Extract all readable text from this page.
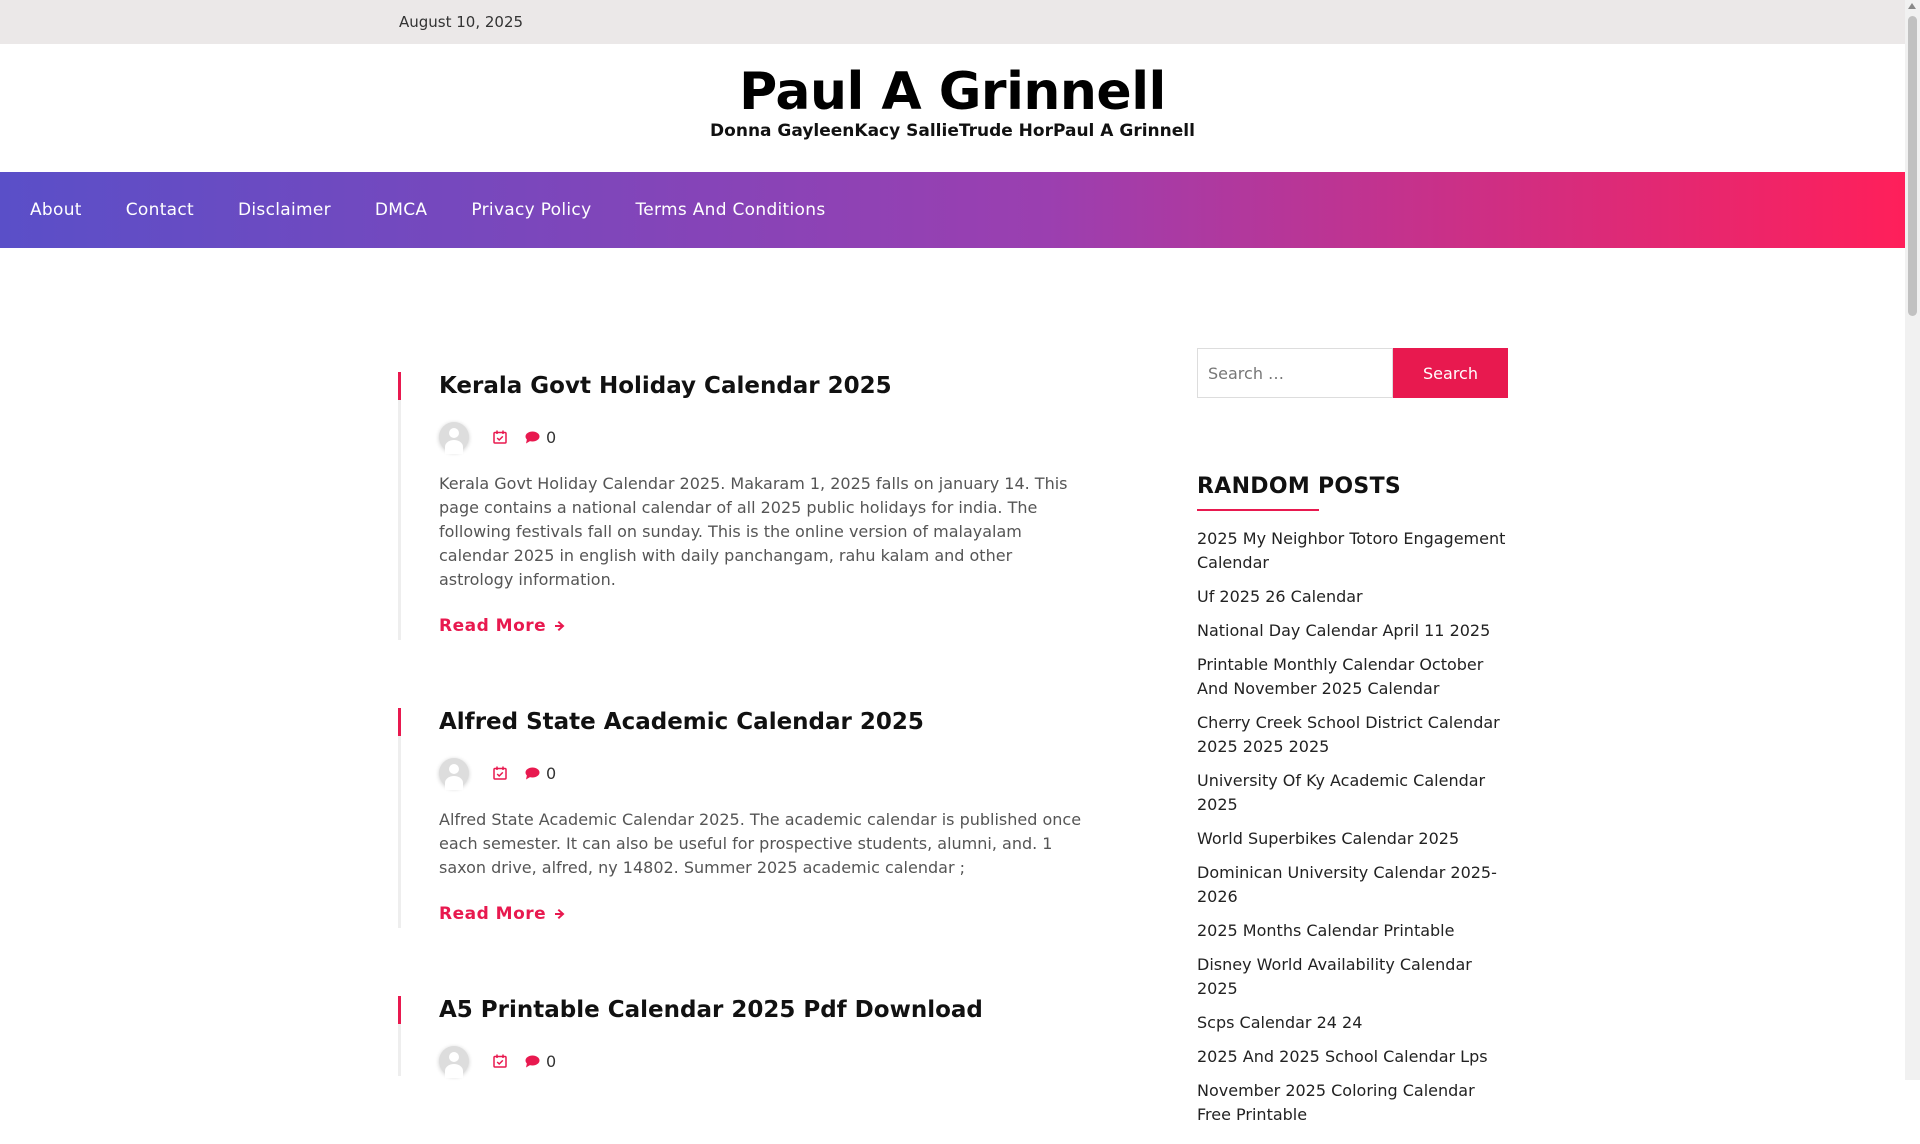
August 10, 2025
Paul A Grinnell
Donna GayleenKacy SallieTrude HorPaul A Grinnell
About	Contact	Disclaimer	DMCA	Privacy Policy	Terms And Conditions
Kerala Govt Holiday Calendar 2025
0

Kerala Govt Holiday Calendar 2025. Makaram 1, 2025 falls on january 14. This page contains a national calendar of all 2025 public holidays for india. The following festivals fall on sunday. This is the online version of malayalam calendar 2025 in english with daily panchangam, rahu kalam and other astrology information.

Read More
Alfred State Academic Calendar 2025
0

Alfred State Academic Calendar 2025. The academic calendar is published once each semester. It can also be useful for prospective students, alumni, and. 1 saxon drive, alfred, ny 14802. Summer 2025 academic calendar ;

Read More
A5 Printable Calendar 2025 Pdf Download
0
Search …
Search
RANDOM POSTS
2025 My Neighbor Totoro Engagement Calendar
Uf 2025 26 Calendar
National Day Calendar April 11 2025
Printable Monthly Calendar October And November 2025 Calendar
Cherry Creek School District Calendar 2025 2025 2025
University Of Ky Academic Calendar 2025
World Superbikes Calendar 2025
Dominican University Calendar 2025-2026
2025 Months Calendar Printable
Disney World Availability Calendar 2025
Scps Calendar 24 24
2025 And 2025 School Calendar Lps
November 2025 Coloring Calendar Free Printable
